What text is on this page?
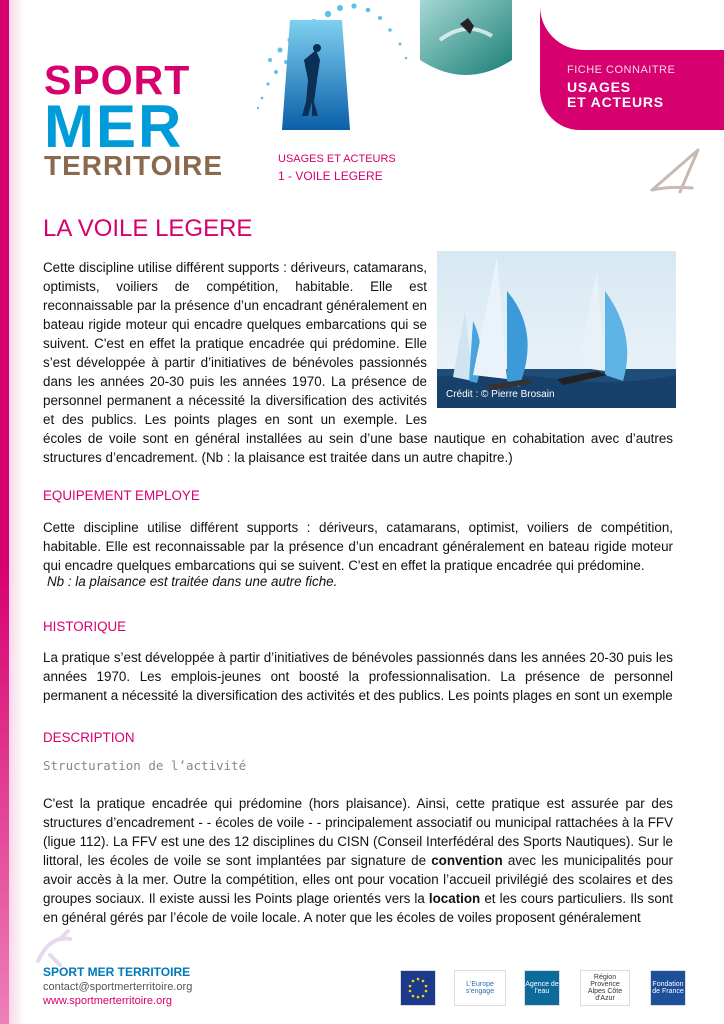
SPORT
MER
TERRITOIRE
FICHE CONNAITRE
USAGES
ET ACTEURS
USAGES ET ACTEURS
1 - VOILE LEGERE
LA VOILE LEGERE
Cette discipline utilise différent supports : dériveurs, catamarans,
optimists, voiliers de compétition, habitable. Elle est
reconnaissable par la présence d’un encadrant généralement en
bateau rigide moteur qui encadre quelques embarcations qui se
suivent. C'est en effet la pratique encadrée qui prédomine. Elle
s’est développée à partir d’initiatives de bénévoles passionnés
dans les années 20-30 puis les années 1970. La présence de
personnel permanent a nécessité la diversification des activités
et des publics. Les points plages en sont un exemple. Les
écoles de voile sont en général installées au sein d’une base nautique en cohabitation avec d’autres structures d’encadrement. (Nb : la plaisance est traitée dans un autre chapitre.)
Crédit : © Pierre Brosain
EQUIPEMENT EMPLOYE
Cette discipline utilise différent supports : dériveurs, catamarans, optimist, voiliers de compétition, habitable. Elle est reconnaissable par la présence d’un encadrant généralement en bateau rigide moteur qui encadre quelques embarcations qui se suivent. C'est en effet la pratique encadrée qui prédomine.
Nb : la plaisance est traitée dans une autre fiche.
HISTORIQUE
La pratique s’est développée à partir d’initiatives de bénévoles passionnés dans les années 20-30 puis les années 1970. Les emplois-jeunes ont boosté la professionnalisation. La présence de personnel permanent a nécessité la diversification des activités et des publics. Les points plages en sont un exemple
DESCRIPTION
Structuration de l’activité
C'est la pratique encadrée qui prédomine (hors plaisance). Ainsi, cette pratique est assurée par des structures d’encadrement - - écoles de voile - - principalement associatif ou municipal rattachées à la FFV (ligue 112). La FFV est une des 12 disciplines du CISN (Conseil Interfédéral des Sports Nautiques). Sur le littoral, les écoles de voile se sont implantées par signature de convention avec les municipalités pour avoir accès à la mer. Outre la compétition, elles ont pour vocation l’accueil privilégié des scolaires et des groupes sociaux. Il existe aussi les Points plage orientés vers la location et les cours particuliers. Ils sont en général gérés par l’école de voile locale. A noter que les écoles de voiles proposent généralement
SPORT MER TERRITOIRE
contact@sportmerterritoire.org
www.sportmerterritoire.org
L'Europe s'engage
Agence de l'eau
Région Provence Alpes Côte d'Azur
Fondation de France
